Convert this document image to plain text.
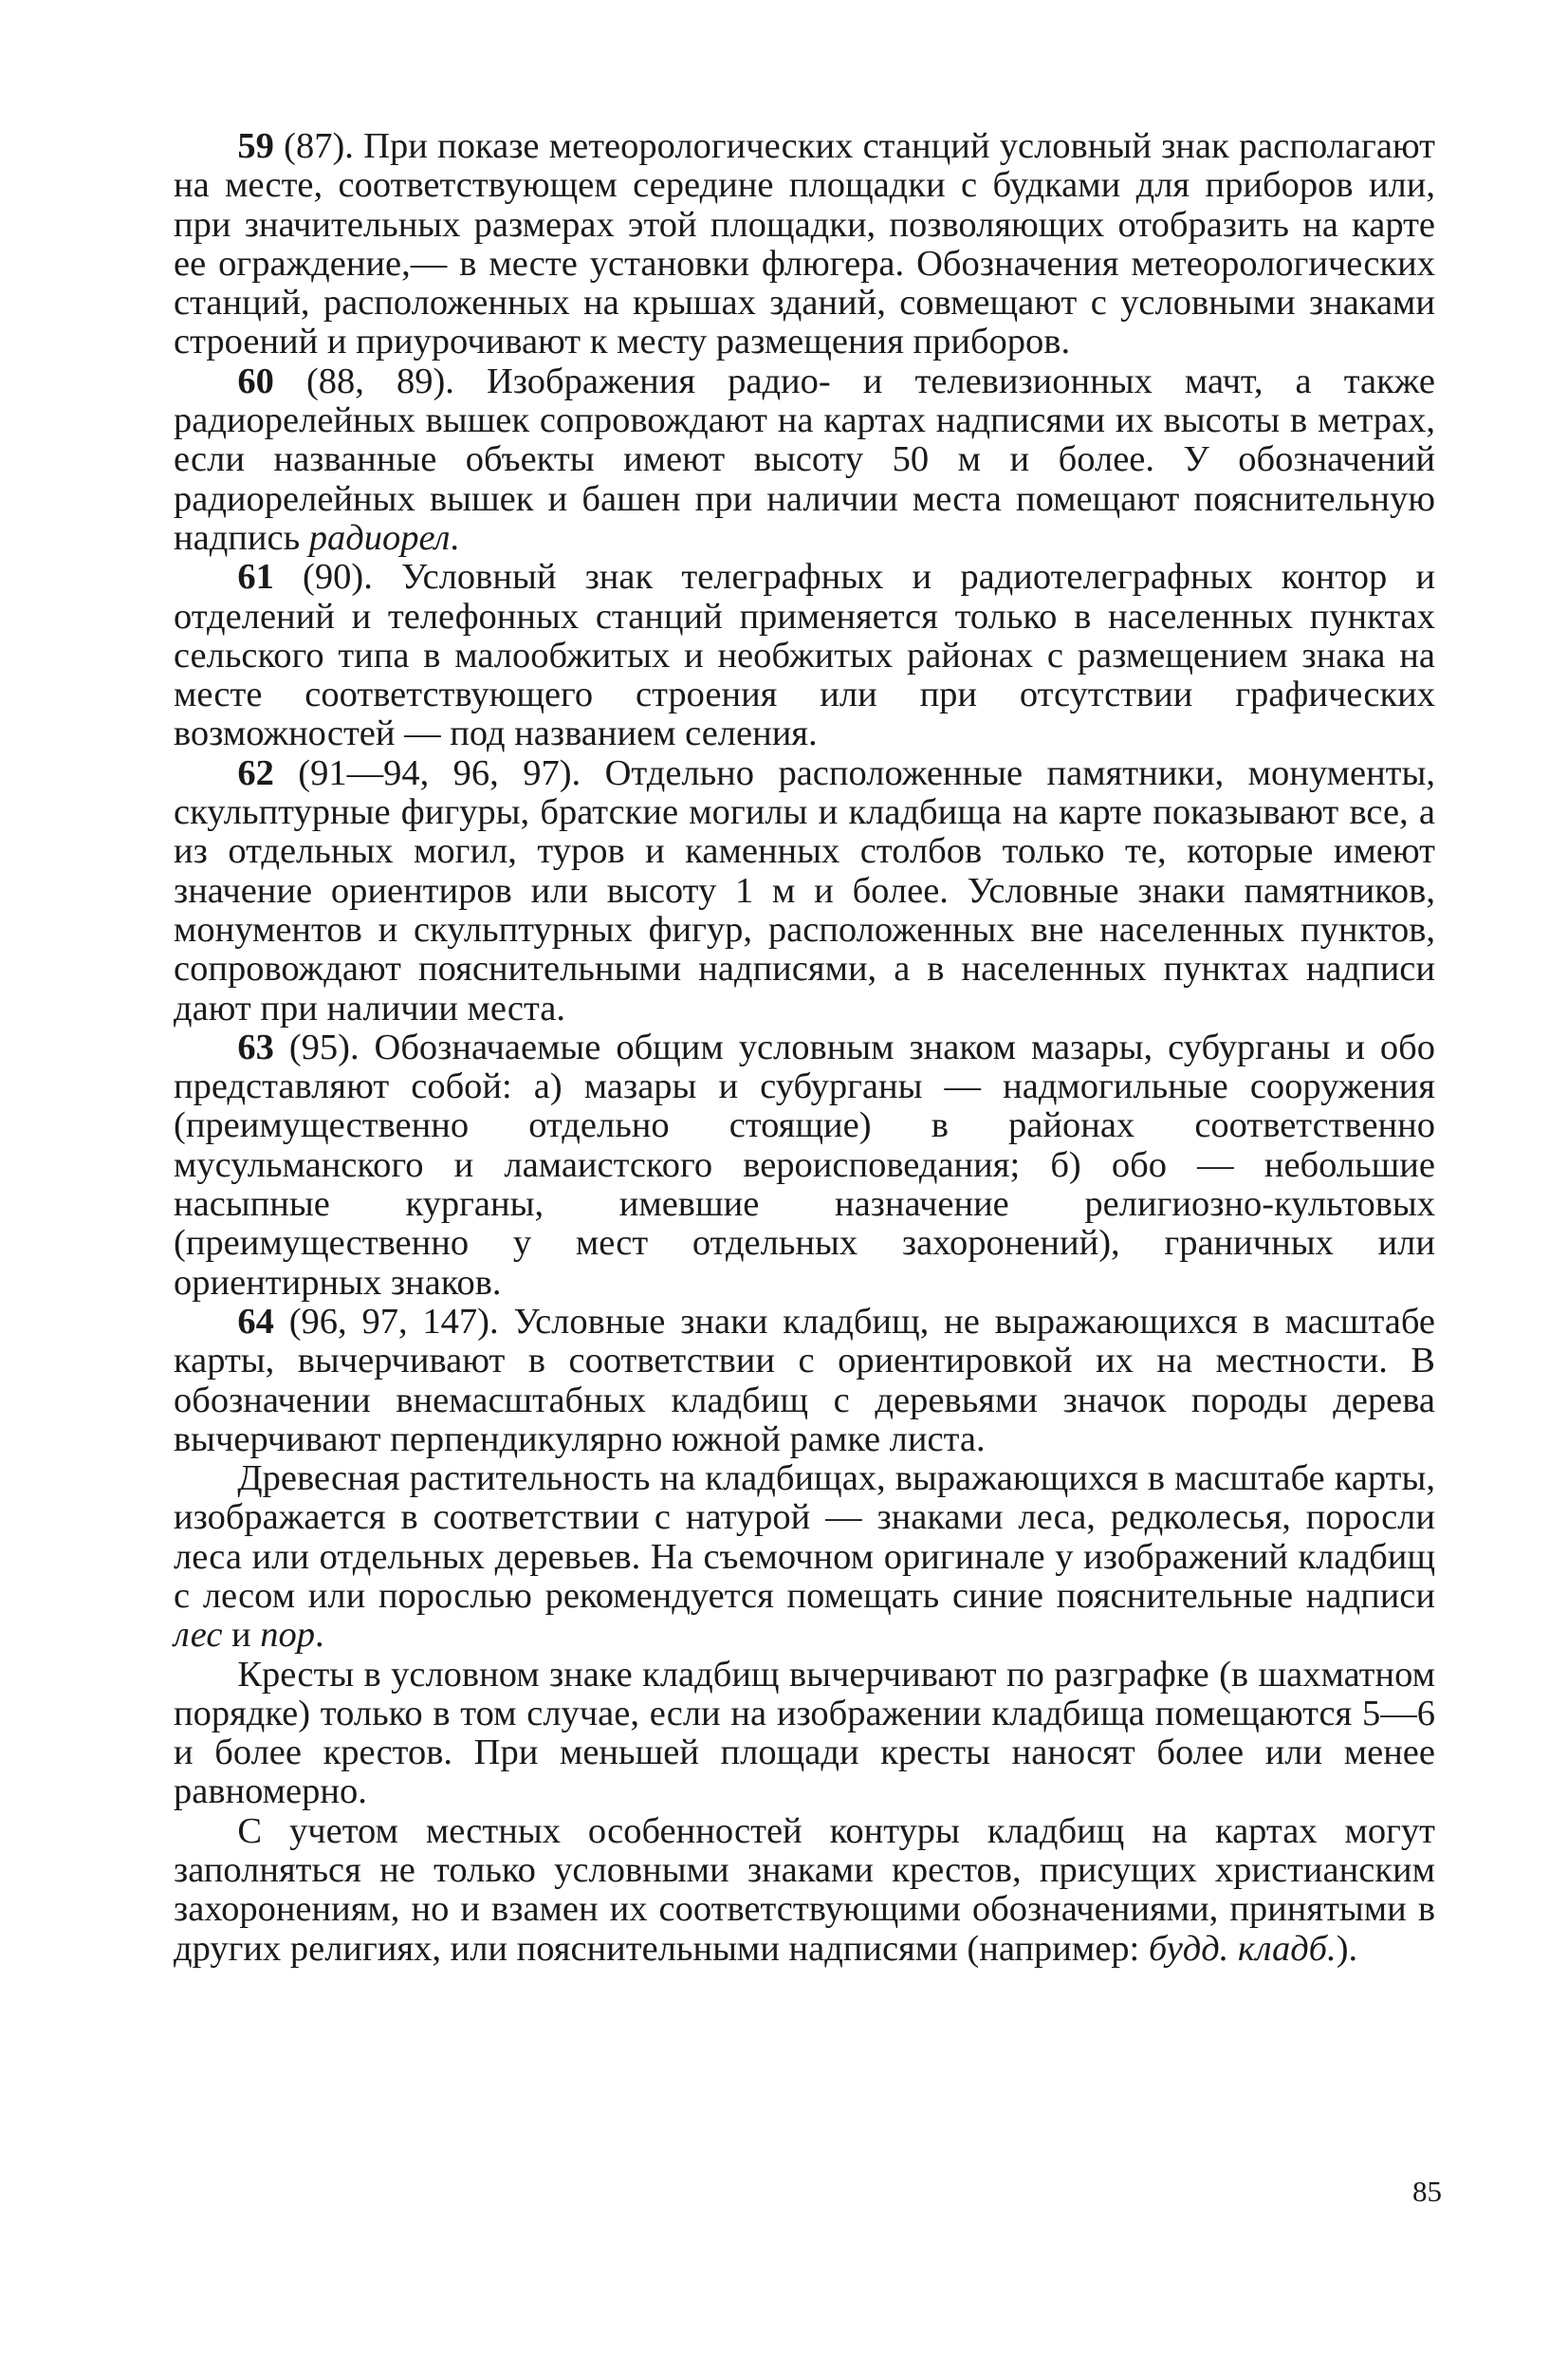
59 (87). При показе метеорологических станций условный знак располагают на месте, соответствующем середине площадки с будками для приборов или, при значительных размерах этой площадки, позволяющих отобразить на карте ее ограждение,— в месте установки флюгера. Обозначения метеорологических станций, расположенных на крышах зданий, совмещают с условными знаками строений и приурочивают к месту размещения приборов.

60 (88, 89). Изображения радио- и телевизионных мачт, а также радиорелейных вышек сопровождают на картах надписями их высоты в метрах, если названные объекты имеют высоту 50 м и более. У обозначений радиорелейных вышек и башен при наличии места помещают пояснительную надпись радиорел.

61 (90). Условный знак телеграфных и радиотелеграфных контор и отделений и телефонных станций применяется только в населенных пунктах сельского типа в малообжитых и необжитых районах с размещением знака на месте соответствующего строения или при отсутствии графических возможностей — под названием селения.

62 (91—94, 96, 97). Отдельно расположенные памятники, монументы, скульптурные фигуры, братские могилы и кладбища на карте показывают все, а из отдельных могил, туров и каменных столбов только те, которые имеют значение ориентиров или высоту 1 м и более. Условные знаки памятников, монументов и скульптурных фигур, расположенных вне населенных пунктов, сопровождают пояснительными надписями, а в населенных пунктах надписи дают при наличии места.

63 (95). Обозначаемые общим условным знаком мазары, субурганы и обо представляют собой: а) мазары и субурганы — надмогильные сооружения (преимущественно отдельно стоящие) в районах соответственно мусульманского и ламаистского вероисповедания; б) обо — небольшие насыпные курганы, имевшие назначение религиозно-культовых (преимущественно у мест отдельных захоронений), граничных или ориентирных знаков.

64 (96, 97, 147). Условные знаки кладбищ, не выражающихся в масштабе карты, вычерчивают в соответствии с ориентировкой их на местности. В обозначении внемасштабных кладбищ с деревьями значок породы дерева вычерчивают перпендикулярно южной рамке листа.

Древесная растительность на кладбищах, выражающихся в масштабе карты, изображается в соответствии с натурой — знаками леса, редколесья, поросли леса или отдельных деревьев. На съемочном оригинале у изображений кладбищ с лесом или порослью рекомендуется помещать синие пояснительные надписи лес и пор.

Кресты в условном знаке кладбищ вычерчивают по разграфке (в шахматном порядке) только в том случае, если на изображении кладбища помещаются 5—6 и более крестов. При меньшей площади кресты наносят более или менее равномерно.

С учетом местных особенностей контуры кладбищ на картах могут заполняться не только условными знаками крестов, присущих христианским захоронениям, но и взамен их соответствующими обозначениями, принятыми в других религиях, или пояснительными надписями (например: будд. кладб.).

85
